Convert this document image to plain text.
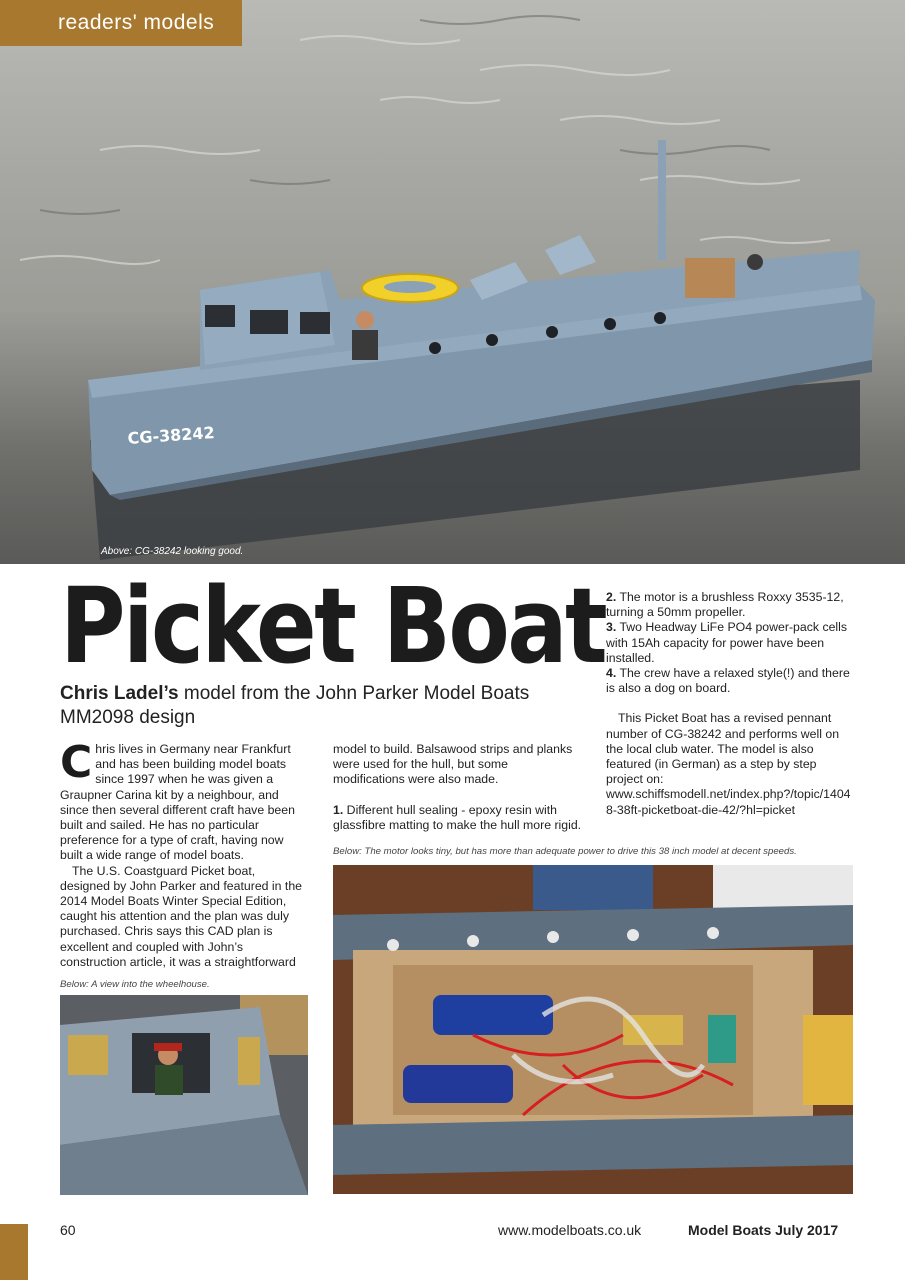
CG-38242
readers' models
Above: CG-38242 looking good.
Picket Boat
Chris Ladel’s model from the John Parker Model Boats MM2098 design

Chris lives in Germany near Frankfurt and has been building model boats since 1997 when he was given a Graupner Carina kit by a neighbour, and since then several different craft have been built and sailed. He has no particular preference for a type of craft, having now built a wide range of model boats.

The U.S. Coastguard Picket boat, designed by John Parker and featured in the 2014 Model Boats Winter Special Edition, caught his attention and the plan was duly purchased. Chris says this CAD plan is excellent and coupled with John’s construction article, it was a straightforward

model to build. Balsawood strips and planks were used for the hull, but some modifications were also made.

1. Different hull sealing - epoxy resin with glassfibre matting to make the hull more rigid.

2. The motor is a brushless Roxxy 3535-12, turning a 50mm propeller.

3. Two Headway LiFe PO4 power-pack cells with 15Ah capacity for power have been installed.

4. The crew have a relaxed style(!) and there is also a dog on board.

This Picket Boat has a revised pennant number of CG-38242 and performs well on the local club water. The model is also featured (in German) as a step by step project on:

www.schiffsmodell.net/index.php?/topic/14048-38ft-picketboat-die-42/?hl=picket

Below: The motor looks tiny, but has more than adequate power to drive this 38 inch model at decent speeds.
Below: A view into the wheelhouse.
60	www.modelboats.co.uk	Model Boats July 2017
